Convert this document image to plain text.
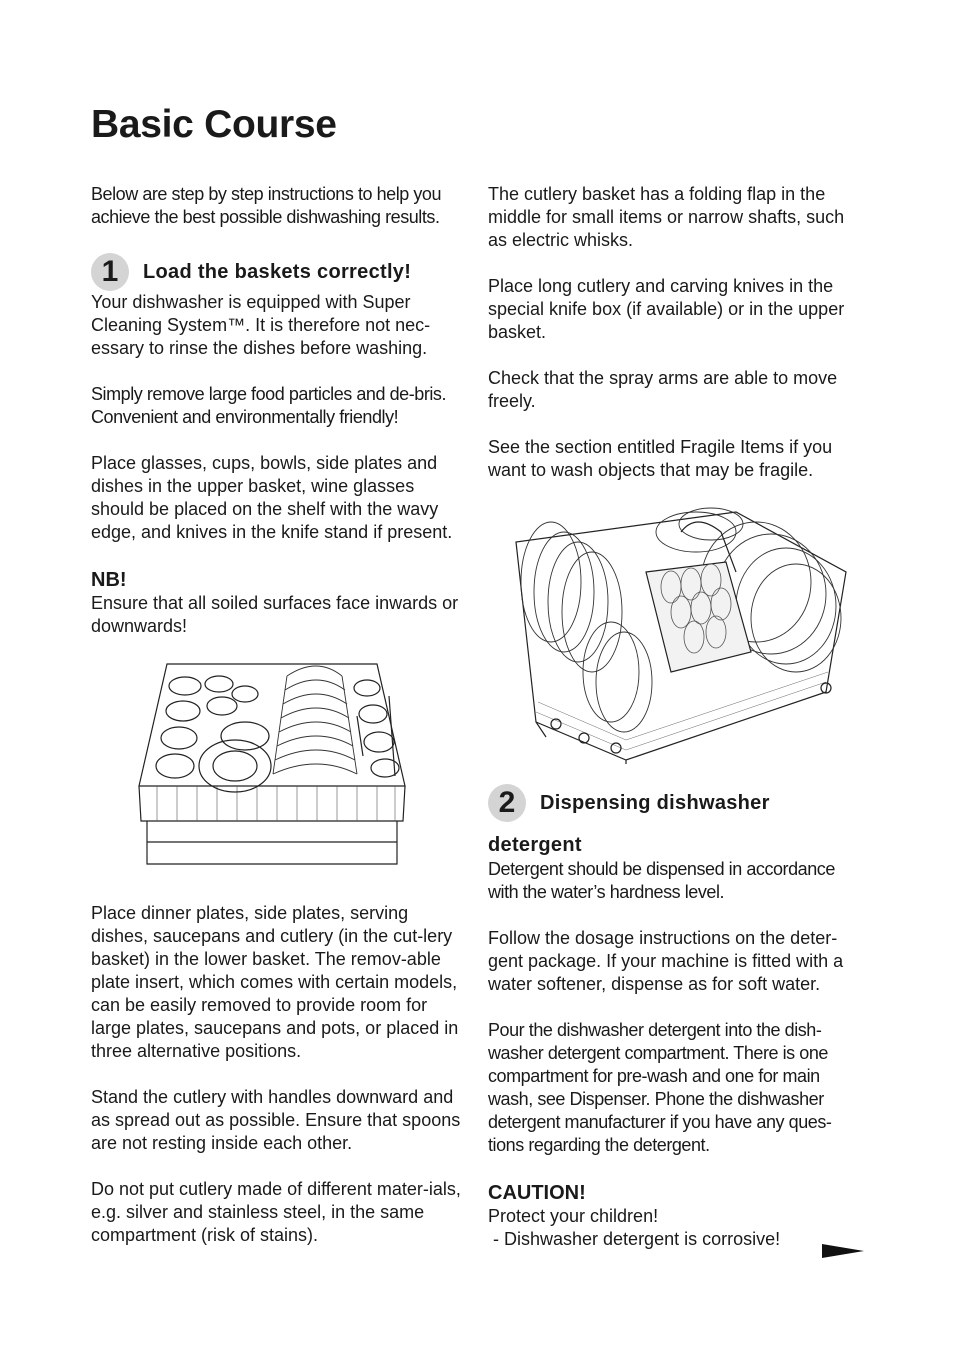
Basic Course

Below are step by step instructions to help you achieve the best possible dishwashing results.

1	Load the baskets correctly!

Your dishwasher is equipped with Super Cleaning System™. It is therefore not nec-essary to rinse the dishes before washing.

Simply remove large food particles and de-bris. Convenient and environmentally friendly!

Place glasses, cups, bowls, side plates and dishes in the upper basket, wine glasses should be placed on the shelf with the wavy edge, and knives in the knife stand if present.

NB!

Ensure that all soiled surfaces face inwards or downwards!

Place dinner plates, side plates, serving dishes, saucepans and cutlery (in the cut-lery basket) in the lower basket. The remov-able plate insert, which comes with certain models, can be easily removed to provide room for large plates, saucepans and pots, or placed in three alternative positions.

Stand the cutlery with handles downward and as spread out as possible. Ensure that spoons are not resting inside each other.

Do not put cutlery made of different mater-ials, e.g. silver and stainless steel, in the same compartment (risk of stains).

The cutlery basket has a folding flap in the middle for small items or narrow shafts, such as electric whisks.

Place long cutlery and carving knives in the special knife box (if available) or in the upper basket.

Check that the spray arms are able to move freely.

See the section entitled Fragile Items if you want to wash objects that may be fragile.

2	Dispensing dishwasher

detergent

Detergent should be dispensed in accordance with the water’s hardness level.

Follow the dosage instructions on the deter-gent package. If your machine is fitted with a water softener, dispense as for soft water.

Pour the dishwasher detergent into the dish-washer detergent compartment. There is one compartment for pre-wash and one for main wash, see Dispenser. Phone the dishwasher detergent manufacturer if you have any ques-tions regarding the detergent.

CAUTION!

Protect your children!

- Dishwasher detergent is corrosive!
